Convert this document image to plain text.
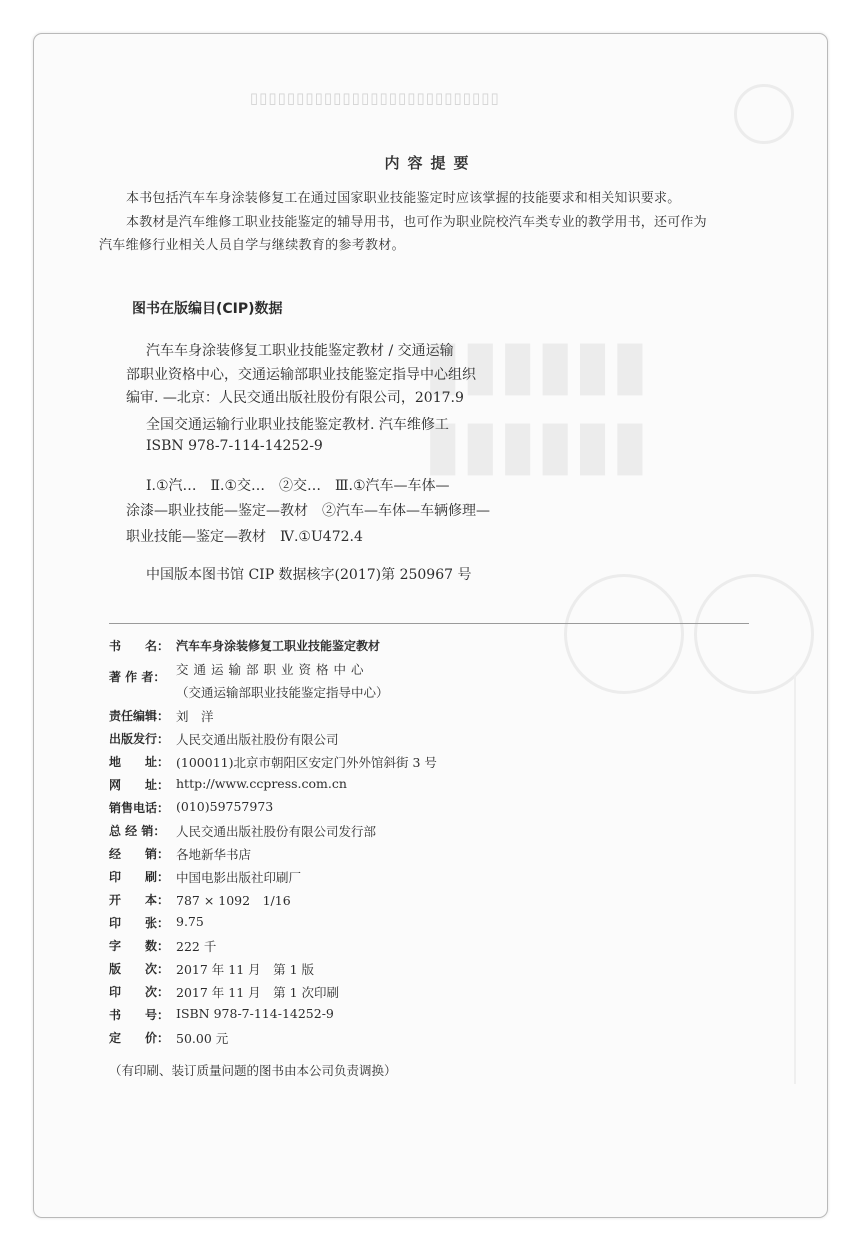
▯▯▯▯▯▯▯▯▯▯▯▯▯▯▯▯▯▯▯▯▯▯▯▯▯▯▯
▮▮▮▮▮▮
▮▮▮▮▮▮
内容提要
本书包括汽车车身涂装修复工在通过国家职业技能鉴定时应该掌握的技能要求和相关知识要求。
本教材是汽车维修工职业技能鉴定的辅导用书，也可作为职业院校汽车类专业的教学用书，还可作为
汽车维修行业相关人员自学与继续教育的参考教材。
图书在版编目(CIP)数据
汽车车身涂装修复工职业技能鉴定教材 / 交通运输
部职业资格中心，交通运输部职业技能鉴定指导中心组织
编审. —北京：人民交通出版社股份有限公司，2017.9
全国交通运输行业职业技能鉴定教材. 汽车维修工
ISBN 978-7-114-14252-9
Ⅰ.①汽…　Ⅱ.①交…　②交…　Ⅲ.①汽车—车体—
涂漆—职业技能—鉴定—教材　②汽车—车体—车辆修理—
职业技能—鉴定—教材　Ⅳ.①U472.4
中国版本图书馆 CIP 数据核字(2017)第 250967 号
书　　名： 汽车车身涂装修复工职业技能鉴定教材
著 作 者： 交通运输部职业资格中心
（交通运输部职业技能鉴定指导中心）
责任编辑： 刘　洋
出版发行： 人民交通出版社股份有限公司
地　　址： (100011)北京市朝阳区安定门外外馆斜街 3 号
网　　址： http://www.ccpress.com.cn
销售电话： (010)59757973
总 经 销： 人民交通出版社股份有限公司发行部
经　　销： 各地新华书店
印　　刷： 中国电影出版社印刷厂
开　　本： 787 × 1092　1/16
印　　张： 9.75
字　　数： 222 千
版　　次： 2017 年 11 月　第 1 版
印　　次： 2017 年 11 月　第 1 次印刷
书　　号： ISBN 978-7-114-14252-9
定　　价： 50.00 元
（有印刷、装订质量问题的图书由本公司负责调换）
